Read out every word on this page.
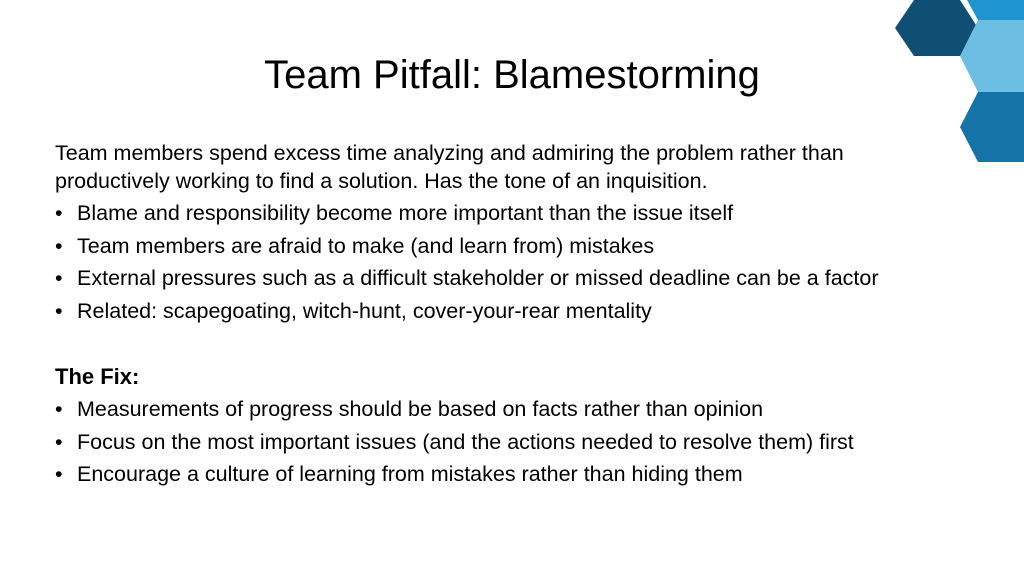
Team Pitfall: Blamestorming

Team members spend excess time analyzing and admiring the problem rather than productively working to find a solution. Has the tone of an inquisition.

• Blame and responsibility become more important than the issue itself
• Team members are afraid to make (and learn from) mistakes
• External pressures such as a difficult stakeholder or missed deadline can be a factor
• Related: scapegoating, witch-hunt, cover-your-rear mentality
The Fix:
• Measurements of progress should be based on facts rather than opinion
• Focus on the most important issues (and the actions needed to resolve them) first
• Encourage a culture of learning from mistakes rather than hiding them
